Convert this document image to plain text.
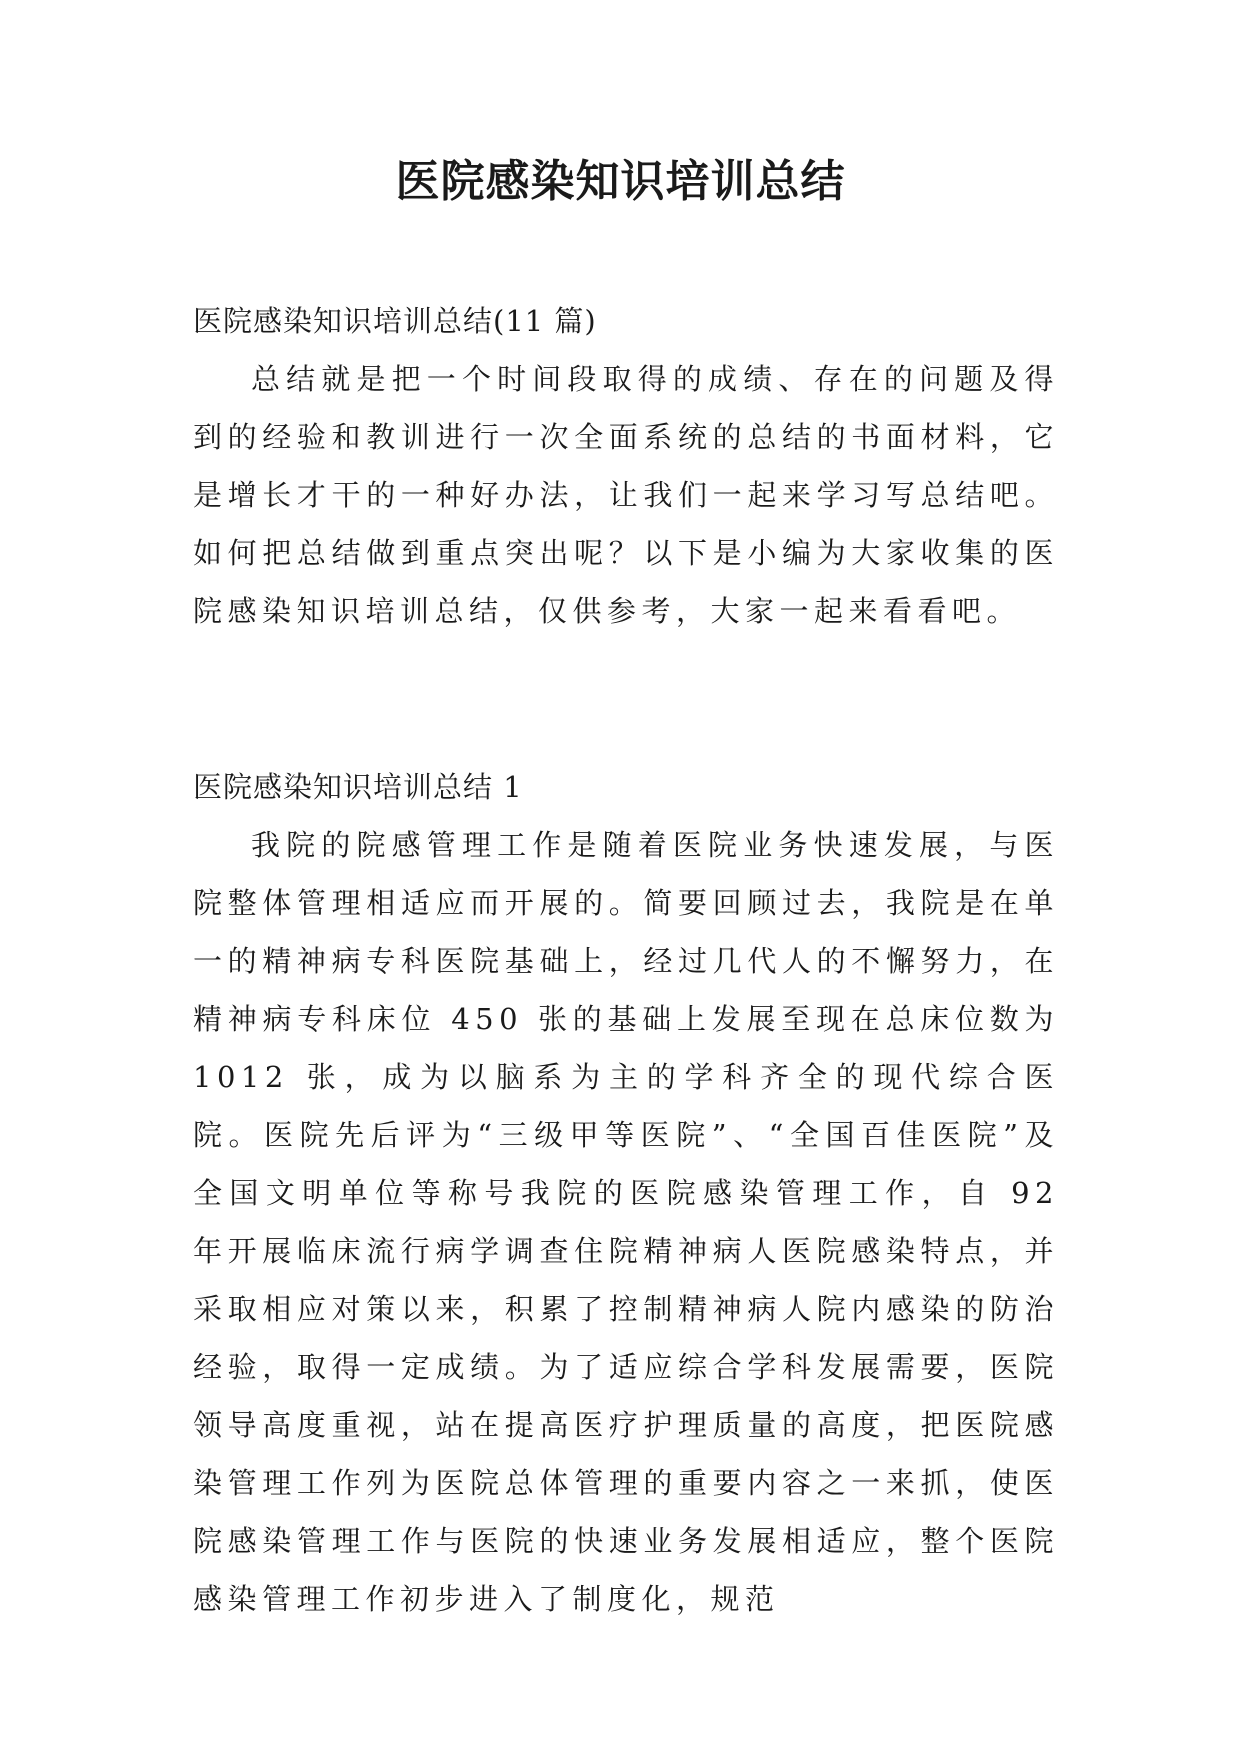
医院感染知识培训总结

医院感染知识培训总结(11 篇)

总结就是把一个时间段取得的成绩、存在的问题及得到的经验和教训进行一次全面系统的总结的书面材料，它是增长才干的一种好办法，让我们一起来学习写总结吧。如何把总结做到重点突出呢？以下是小编为大家收集的医院感染知识培训总结，仅供参考，大家一起来看看吧。

医院感染知识培训总结 1

我院的院感管理工作是随着医院业务快速发展，与医院整体管理相适应而开展的。简要回顾过去，我院是在单一的精神病专科医院基础上，经过几代人的不懈努力，在精神病专科床位 450 张的基础上发展至现在总床位数为 1012 张，成为以脑系为主的学科齐全的现代综合医院。医院先后评为“三级甲等医院”、“全国百佳医院”及全国文明单位等称号我院的医院感染管理工作，自 92 年开展临床流行病学调查住院精神病人医院感染特点，并采取相应对策以来，积累了控制精神病人院内感染的防治经验，取得一定成绩。为了适应综合学科发展需要，医院领导高度重视，站在提高医疗护理质量的高度，把医院感染管理工作列为医院总体管理的重要内容之一来抓，使医院感染管理工作与医院的快速业务发展相适应，整个医院感染管理工作初步进入了制度化，规范
